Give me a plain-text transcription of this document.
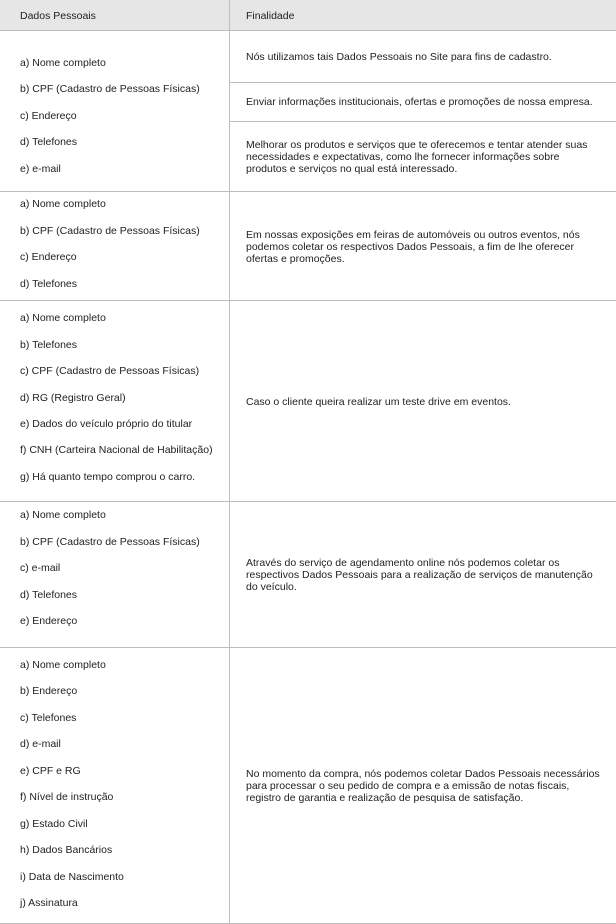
Dados Pessoais	Finalidade
a) Nome completo
b) CPF (Cadastro de Pessoas Físicas)
c) Endereço
d) Telefones
e) e-mail

Nós utilizamos tais Dados Pessoais no Site para fins de cadastro.

Enviar informações institucionais, ofertas e promoções de nossa empresa.

Melhorar os produtos e serviços que te oferecemos e tentar atender suas necessidades e expectativas, como lhe fornecer informações sobre produtos e serviços no qual está interessado.

a) Nome completo
b) CPF (Cadastro de Pessoas Físicas)
c) Endereço
d) Telefones

Em nossas exposições em feiras de automóveis ou outros eventos, nós podemos coletar os respectivos Dados Pessoais, a fim de lhe oferecer ofertas e promoções.

a) Nome completo
b) Telefones
c) CPF (Cadastro de Pessoas Físicas)
d) RG (Registro Geral)
e) Dados do veículo próprio do titular
f) CNH (Carteira Nacional de Habilitação)
g) Há quanto tempo comprou o carro.

Caso o cliente queira realizar um teste drive em eventos.

a) Nome completo
b) CPF (Cadastro de Pessoas Físicas)
c) e-mail
d) Telefones
e) Endereço

Através do serviço de agendamento online nós podemos coletar os respectivos Dados Pessoais para a realização de serviços de manutenção do veículo.

a) Nome completo
b) Endereço
c) Telefones
d) e-mail
e) CPF e RG
f) Nível de instrução
g) Estado Civil
h) Dados Bancários
i) Data de Nascimento
j) Assinatura

No momento da compra, nós podemos coletar Dados Pessoais necessários para processar o seu pedido de compra e a emissão de notas fiscais, registro de garantia e realização de pesquisa de satisfação.
